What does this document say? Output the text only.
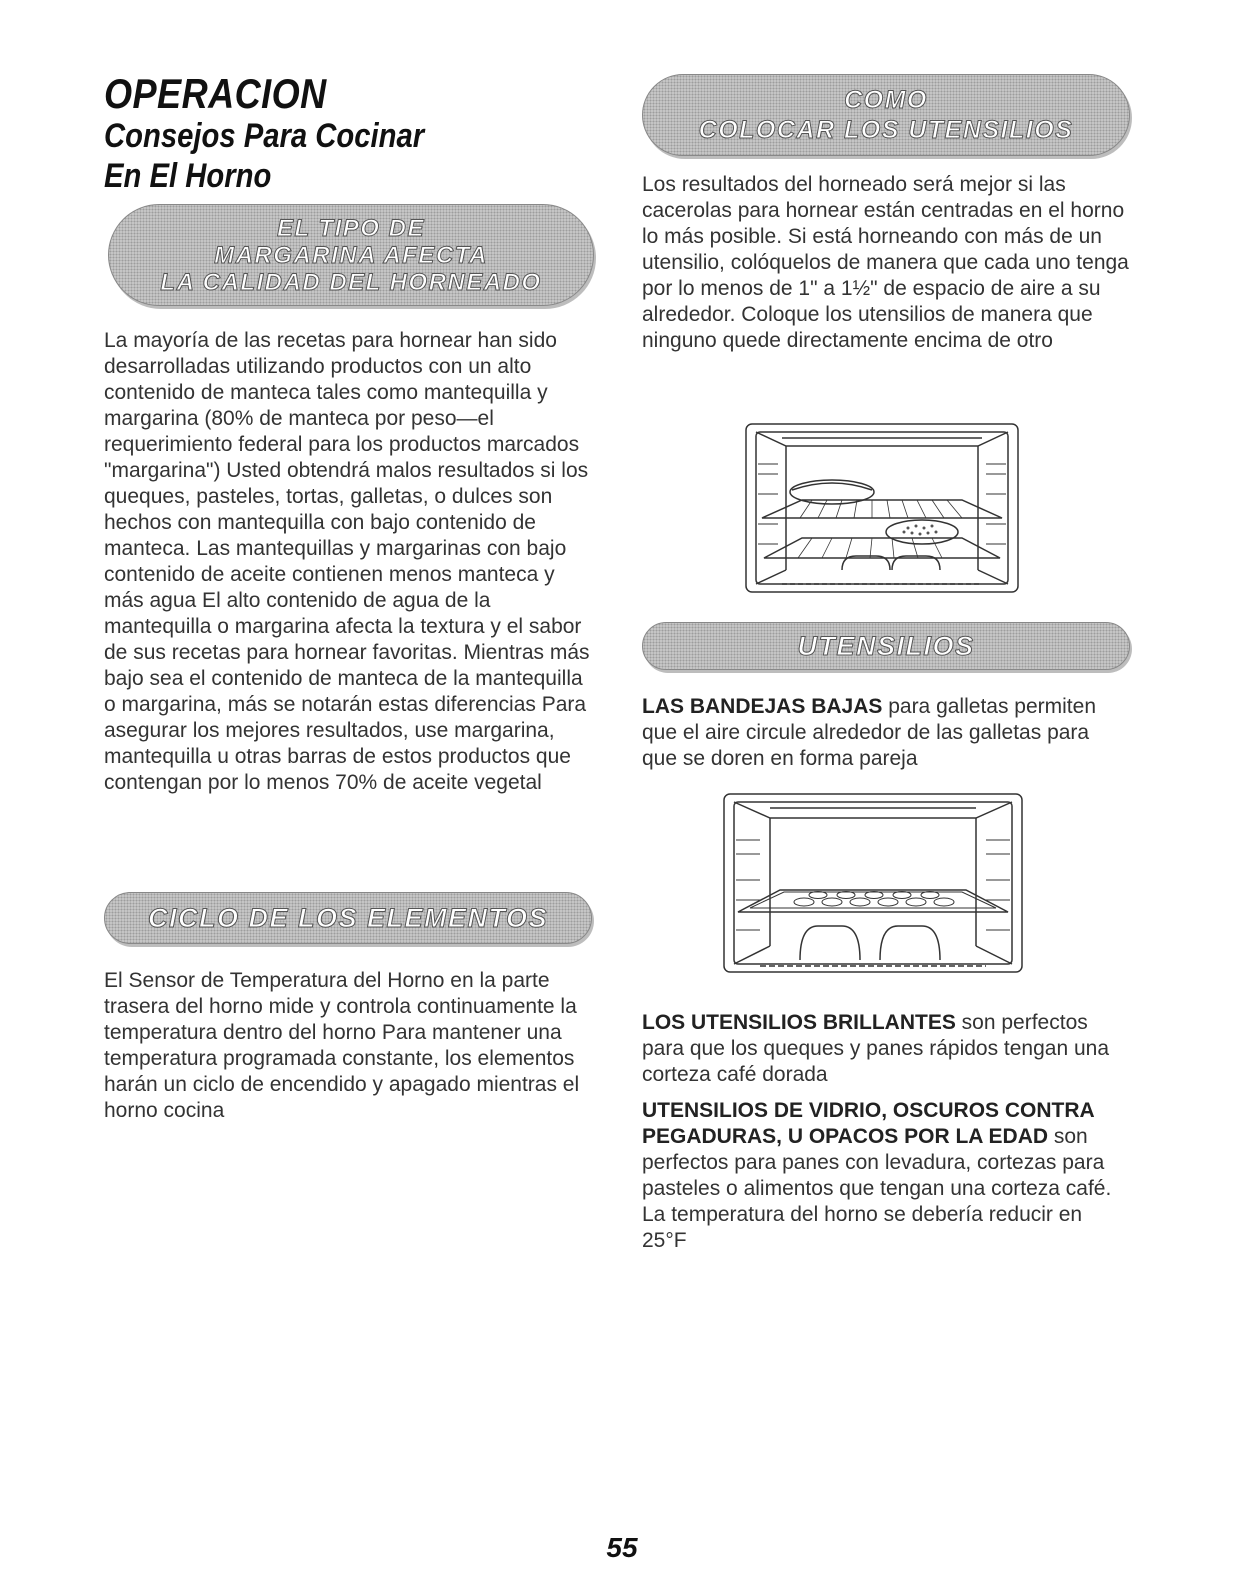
OPERACION
Consejos Para Cocinar
En El Horno
EL TIPO DE
MARGARINA AFECTA
LA CALIDAD DEL HORNEADO

La mayoría de las recetas para hornear han sido desarrolladas utilizando productos con un alto contenido de manteca tales como mantequilla y margarina (80% de manteca por peso—el requerimiento federal para los productos marcados "margarina") Usted obtendrá malos resultados si los queques, pasteles, tortas, galletas, o dulces son hechos con mantequilla con bajo contenido de manteca. Las mantequillas y margarinas con bajo contenido de aceite contienen menos manteca y más agua El alto contenido de agua de la mantequilla o margarina afecta la textura y el sabor de sus recetas para hornear favoritas. Mientras más bajo sea el contenido de manteca de la mantequilla o margarina, más se notarán estas diferencias Para asegurar los mejores resultados, use margarina, mantequilla u otras barras de estos productos que contengan por lo menos 70% de aceite vegetal

CICLO DE LOS ELEMENTOS

El Sensor de Temperatura del Horno en la parte trasera del horno mide y controla continuamente la temperatura dentro del horno Para mantener una temperatura programada constante, los elementos harán un ciclo de encendido y apagado mientras el horno cocina

COMO
COLOCAR LOS UTENSILIOS

Los resultados del horneado será mejor si las cacerolas para hornear están centradas en el horno lo más posible. Si está horneando con más de un utensilio, colóquelos de manera que cada uno tenga por lo menos de 1" a 1½" de espacio de aire a su alrededor. Coloque los utensilios de manera que ninguno quede directamente encima de otro

UTENSILIOS

LAS BANDEJAS BAJAS para galletas permiten que el aire circule alrededor de las galletas para que se doren en forma pareja

LOS UTENSILIOS BRILLANTES son perfectos para que los queques y panes rápidos tengan una corteza café dorada

UTENSILIOS DE VIDRIO, OSCUROS CONTRA PEGADURAS, U OPACOS POR LA EDAD son perfectos para panes con levadura, cortezas para pasteles o alimentos que tengan una corteza café. La temperatura del horno se debería reducir en 25°F

55
